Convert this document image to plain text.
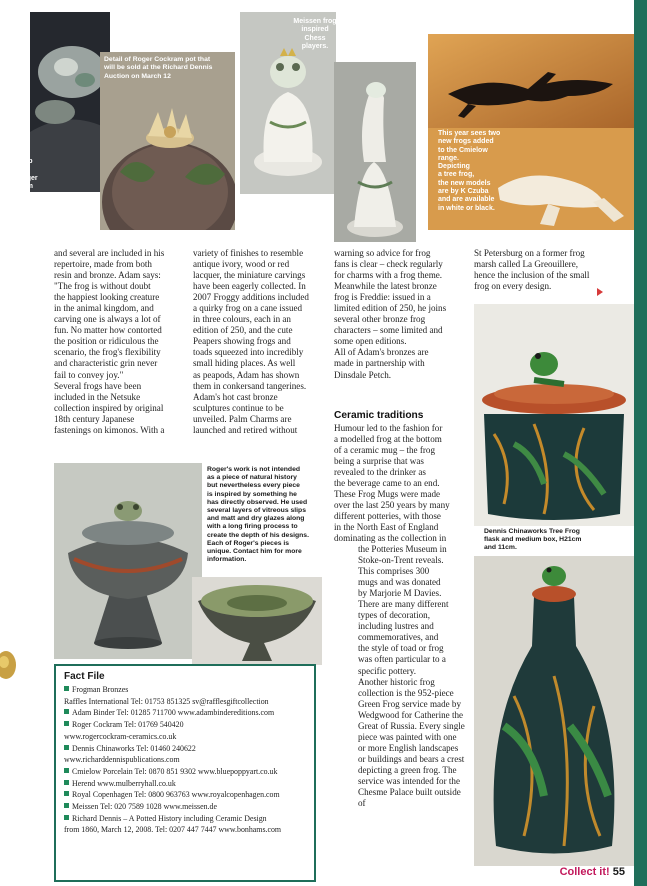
Close up
detail
of a Roger
Cockram
frog.
Detail of Roger Cockram pot that
will be sold at the Richard Dennis
Auction on March 12
Meissen frog
inspired
Chess
players.
This year sees two
new frogs added
to the Cmielow
range.
Depicting
a tree frog,
the new models
are by K Czuba
and are available
in white or black.
and several are included in his
repertoire, made from both
resin and bronze. Adam says:
"The frog is without doubt
the happiest looking creature
in the animal kingdom, and
carving one is always a lot of
fun. No matter how contorted
the position or ridiculous the
scenario, the frog's flexibility
and characteristic grin never
fail to convey joy."
Several frogs have been
included in the Netsuke
collection inspired by original
18th century Japanese
fastenings on kimonos. With a
variety of finishes to resemble
antique ivory, wood or red
lacquer, the miniature carvings
have been eagerly collected. In
2007 Froggy additions included
a quirky frog on a cane issued
in three colours, each in an
edition of 250, and the cute
Peapers showing frogs and
toads squeezed into incredibly
small hiding places. As well
as peapods, Adam has shown
them in conkersand tangerines.
Adam's hot cast bronze
sculptures continue to be
unveiled. Palm Charms are
launched and retired without
warning so advice for frog
fans is clear – check regularly
for charms with a frog theme.
Meanwhile the latest bronze
frog is Freddie: issued in a
limited edition of 250, he joins
several other bronze frog
characters – some limited and
some open editions.
All of Adam's bronzes are
made in partnership with
Dinsdale Petch.
Ceramic traditions
Humour led to the fashion for
a modelled frog at the bottom
of a ceramic mug – the frog
being a surprise that was
revealed to the drinker as
the beverage came to an end.
These Frog Mugs were made
over the last 250 years by many
different potteries, with those
in the North East of England
dominating as the collection in
the Potteries Museum in
Stoke-on-Trent reveals.
This comprises 300
mugs and was donated
by Marjorie M Davies.
There are many different
types of decoration,
including lustres and
commemoratives, and
the style of toad or frog
was often particular to a
specific pottery.
Another historic frog
collection is the 952-piece
Green Frog service made by
Wedgwood for Catherine the
Great of Russia. Every single
piece was painted with one
or more English landscapes
or buildings and bears a crest
depicting a green frog. The
service was intended for the
Chesme Palace built outside of
St Petersburg on a former frog
marsh called La Greouillere,
hence the inclusion of the small
frog on every design.
Roger's work is not intended
as a piece of natural history
but nevertheless every piece
is inspired by something he
has directly observed. He used
several layers of vitreous slips
and matt and dry glazes along
with a long firing process to
create the depth of his designs.
Each of Roger's pieces is
unique. Contact him for more
information.
Fact File
Frogman Bronzes
Raffles International Tel: 01753 851325 sv@rafflesgiftcollection
Adam Binder Tel: 01285 711700 www.adambindereditions.com
Roger Cockram Tel: 01769 540420
www.rogercockram-ceramics.co.uk
Dennis Chinaworks Tel: 01460 240622
www.richarddennispublications.com
Cmielow Porcelain Tel: 0870 851 9302 www.bluepoppyart.co.uk
Herend www.mulberryhall.co.uk
Royal Copenhagen Tel: 0800 963763 www.royalcopenhagen.com
Meissen Tel: 020 7589 1028 www.meissen.de
Richard Dennis – A Potted History including Ceramic Design
from 1860, March 12, 2008. Tel: 0207 447 7447 www.bonhams.com
Dennis Chinaworks Tree Frog
flask and medium box, H21cm
and 11cm.
Collect it! 55
